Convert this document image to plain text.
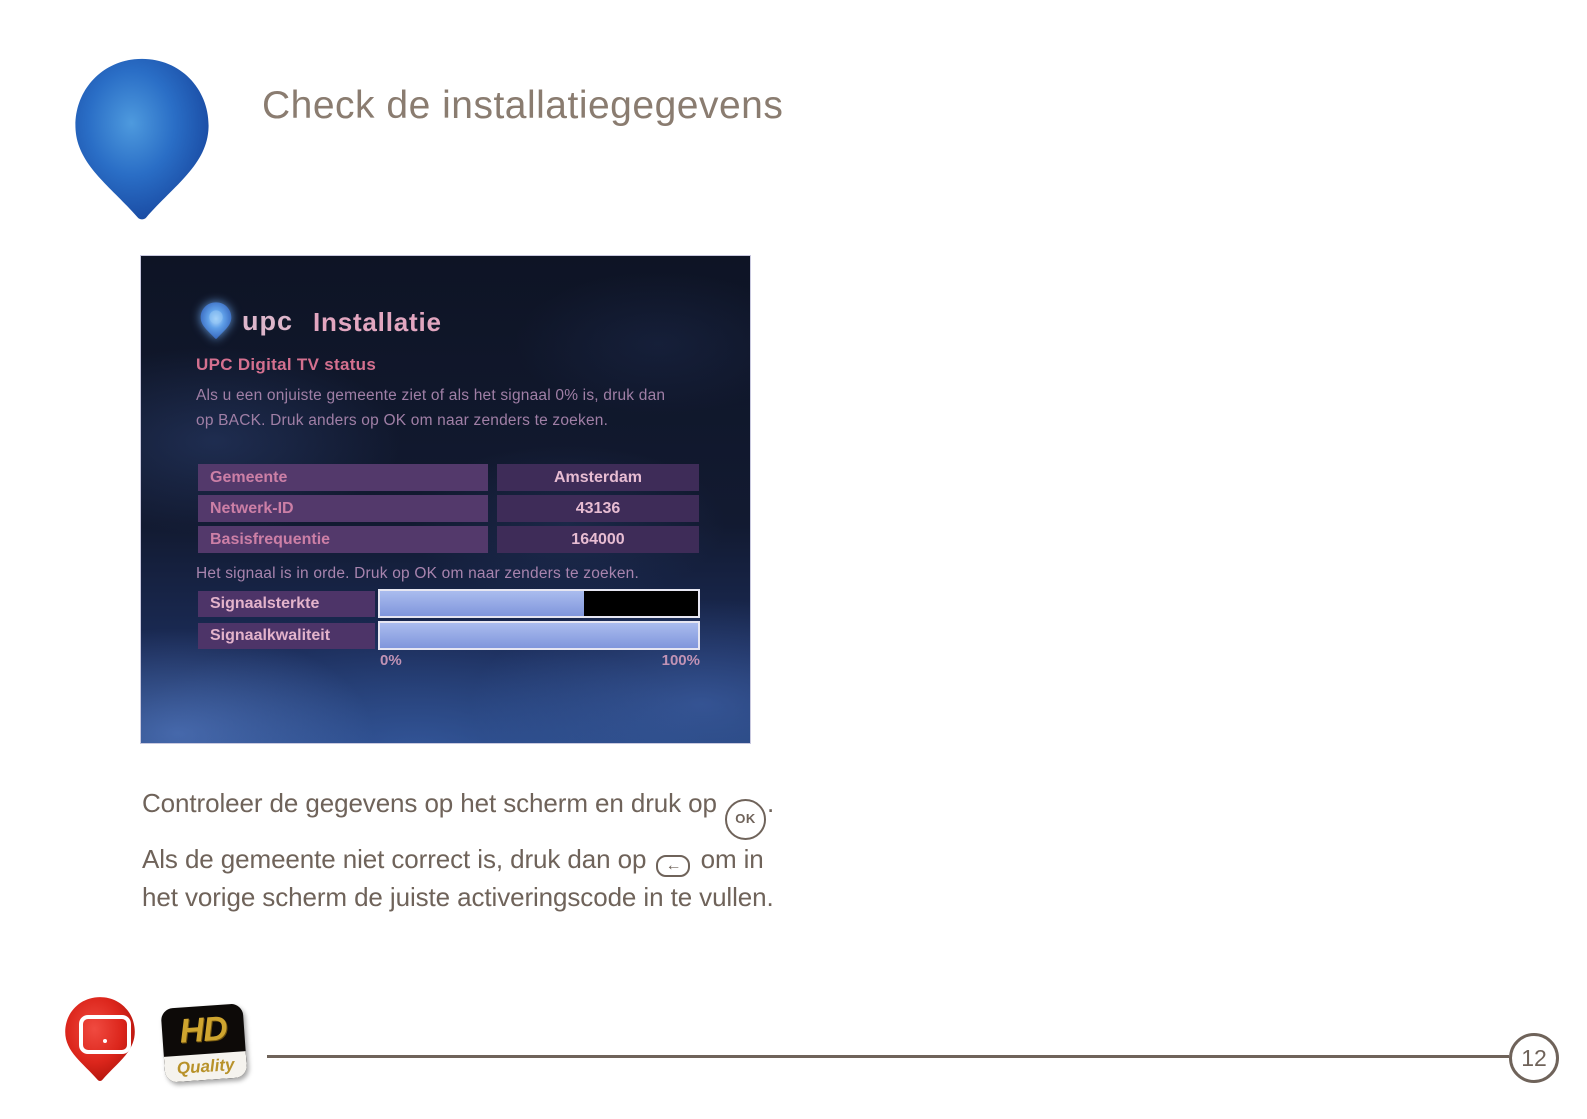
Check de installatiegegevens
upc Installatie
UPC Digital TV status
Als u een onjuiste gemeente ziet of als het signaal 0% is, druk dan
op BACK. Druk anders op OK om naar zenders te zoeken.
Gemeente	Amsterdam
Netwerk-ID	43136
Basisfrequentie	164000
Het signaal is in orde. Druk op OK om naar zenders te zoeken.
Signaalsterkte
Signaalkwaliteit
0%	100%
Controleer de gegevens op het scherm en druk op
OK
.
Als de gemeente niet correct is, druk dan op ← om in
het vorige scherm de juiste activeringscode in te vullen.
HD
Quality	12
